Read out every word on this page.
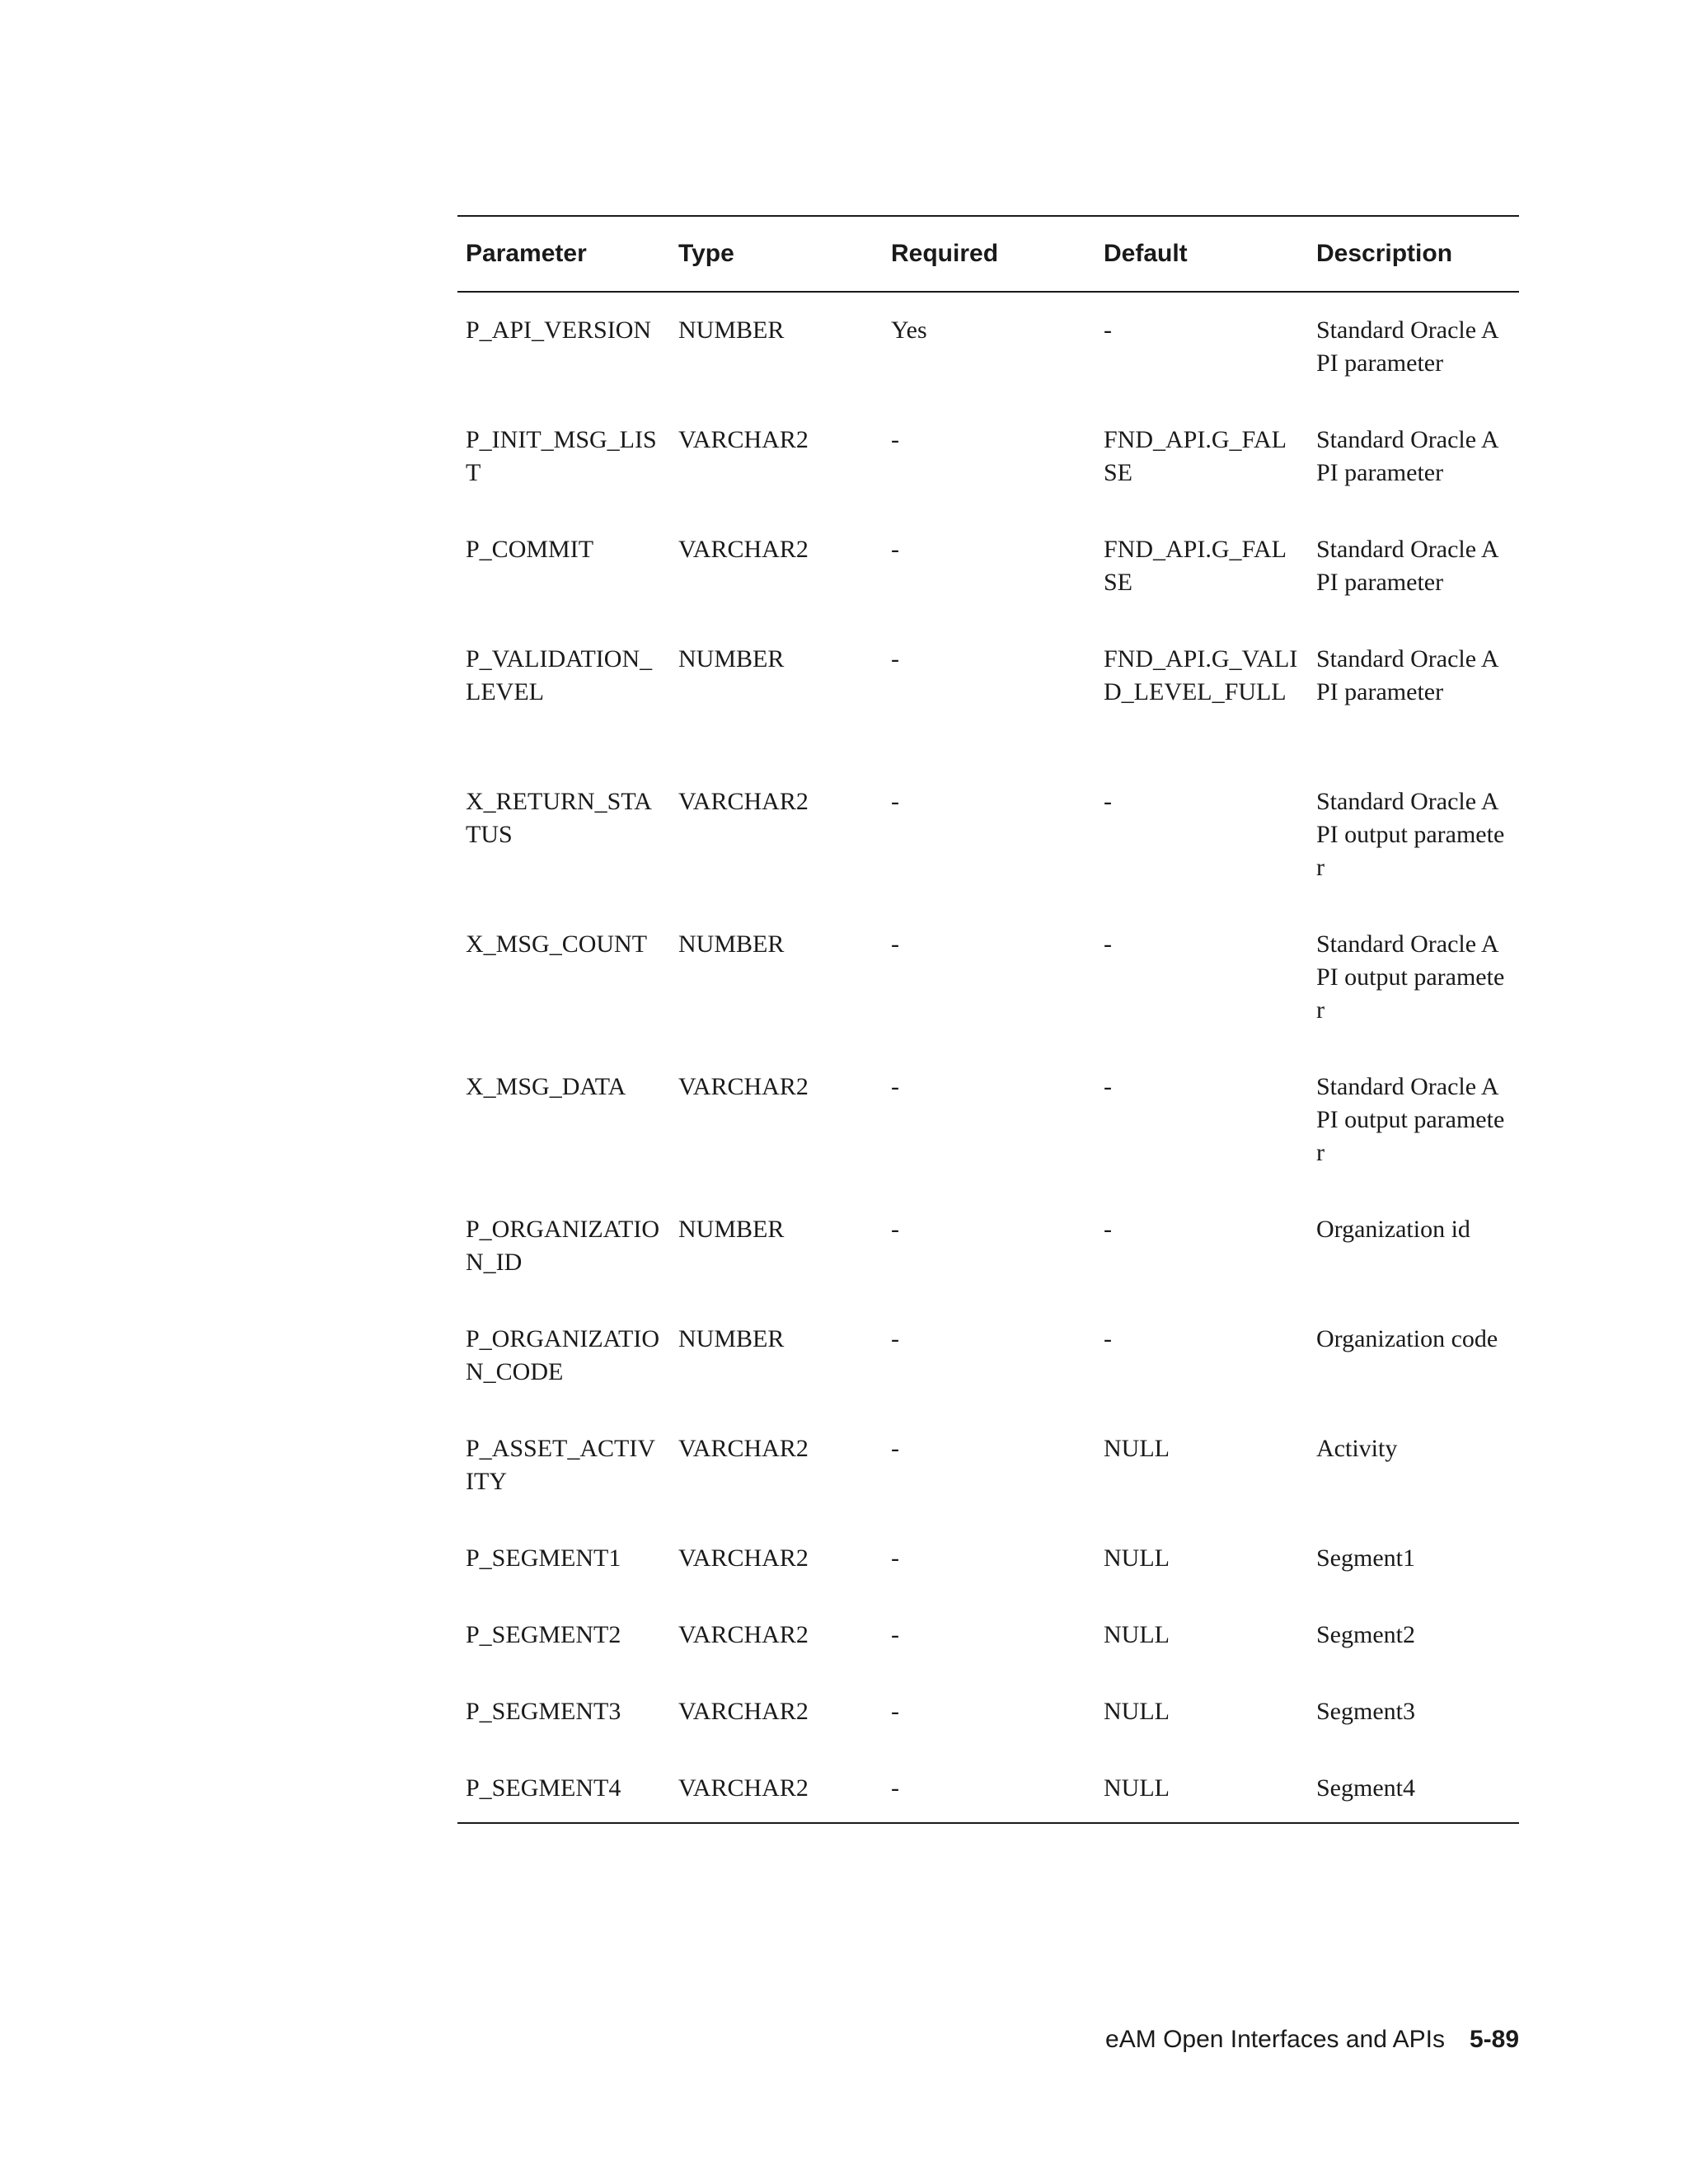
Parameter	Type	Required	Default	Description
P_API_VERSION	NUMBER	Yes	-	Standard Oracle API parameter
P_INIT_MSG_LIST	VARCHAR2	-	FND_API.G_FALSE	Standard Oracle API parameter
P_COMMIT	VARCHAR2	-	FND_API.G_FALSE	Standard Oracle API parameter
P_VALIDATION_LEVEL	NUMBER	-	FND_API.G_VALID_LEVEL_FULL	Standard Oracle API parameter
X_RETURN_STATUS	VARCHAR2	-	-	Standard Oracle API output parameter
X_MSG_COUNT	NUMBER	-	-	Standard Oracle API output parameter
X_MSG_DATA	VARCHAR2	-	-	Standard Oracle API output parameter
P_ORGANIZATION_ID	NUMBER	-	-	Organization id
P_ORGANIZATION_CODE	NUMBER	-	-	Organization code
P_ASSET_ACTIVITY	VARCHAR2	-	NULL	Activity
P_SEGMENT1	VARCHAR2	-	NULL	Segment1
P_SEGMENT2	VARCHAR2	-	NULL	Segment2
P_SEGMENT3	VARCHAR2	-	NULL	Segment3
P_SEGMENT4	VARCHAR2	-	NULL	Segment4
eAM Open Interfaces and APIs 5-89
